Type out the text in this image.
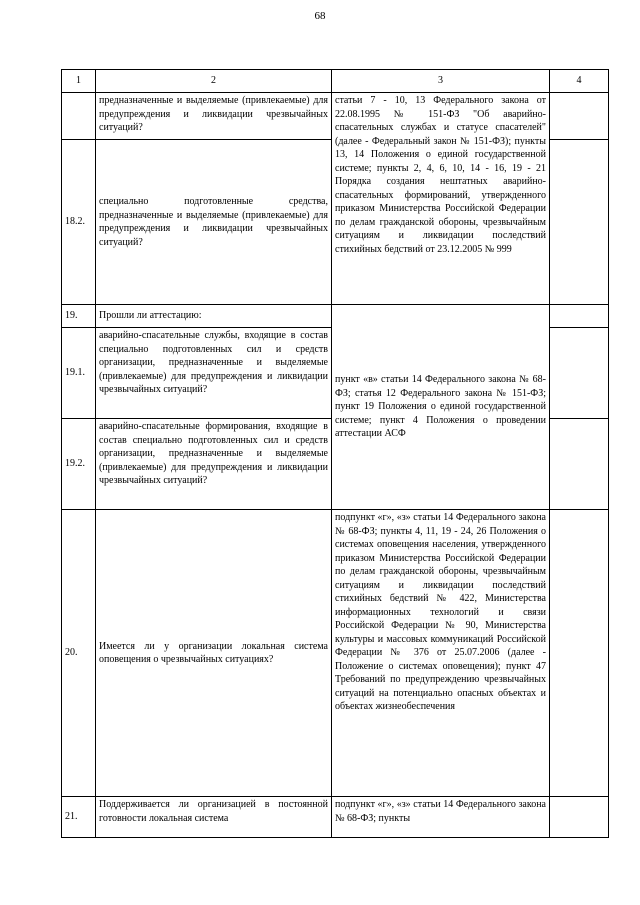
68
1	2	3	4
	предназначенные и выделяемые (привлекаемые) для предупреждения и ликвидации чрезвычайных ситуаций?	статьи 7 - 10, 13 Федерального закона от 22.08.1995 № 151-ФЗ "Об аварийно-спасательных службах и статусе спасателей" (далее - Федеральный закон № 151-ФЗ); пункты 13, 14 Положения о единой государственной системе; пункты 2, 4, 6, 10, 14 - 16, 19 - 21 Порядка создания нештатных аварийно-спасательных формирований, утвержденного приказом Министерства Российской Федерации по делам гражданской обороны, чрезвычайным ситуациям и ликвидации последствий стихийных бедствий от 23.12.2005 № 999	
18.2.	специально подготовленные средства, предназначенные и выделяемые (привлекаемые) для предупреждения и ликвидации чрезвычайных ситуаций?		
19.	Прошли ли аттестацию:	пункт «в» статьи 14 Федерального закона № 68-ФЗ; статья 12 Федерального закона № 151-ФЗ; пункт 19 Положения о единой государственной системе; пункт 4 Положения о проведении аттестации АСФ	
19.1.	аварийно-спасательные службы, входящие в состав специально подготовленных сил и средств организации, предназначенные и выделяемые (привлекаемые) для предупреждения и ликвидации чрезвычайных ситуаций?		
19.2.	аварийно-спасательные формирования, входящие в состав специально подготовленных сил и средств организации, предназначенные и выделяемые (привлекаемые) для предупреждения и ликвидации чрезвычайных ситуаций?		
20.	Имеется ли у организации локальная система оповещения о чрезвычайных ситуациях?	подпункт «г», «з» статьи 14 Федерального закона № 68-ФЗ; пункты 4, 11, 19 - 24, 26 Положения о системах оповещения населения, утвержденного приказом Министерства Российской Федерации по делам гражданской обороны, чрезвычайным ситуациям и ликвидации последствий стихийных бедствий № 422, Министерства информационных технологий и связи Российской Федерации № 90, Министерства культуры и массовых коммуникаций Российской Федерации № 376 от 25.07.2006 (далее - Положение о системах оповещения); пункт 47 Требований по предупреждению чрезвычайных ситуаций на потенциально опасных объектах и объектах жизнеобеспечения	
21.	Поддерживается ли организацией в постоянной готовности локальная система	подпункт «г», «з» статьи 14 Федерального закона № 68-ФЗ; пункты	
